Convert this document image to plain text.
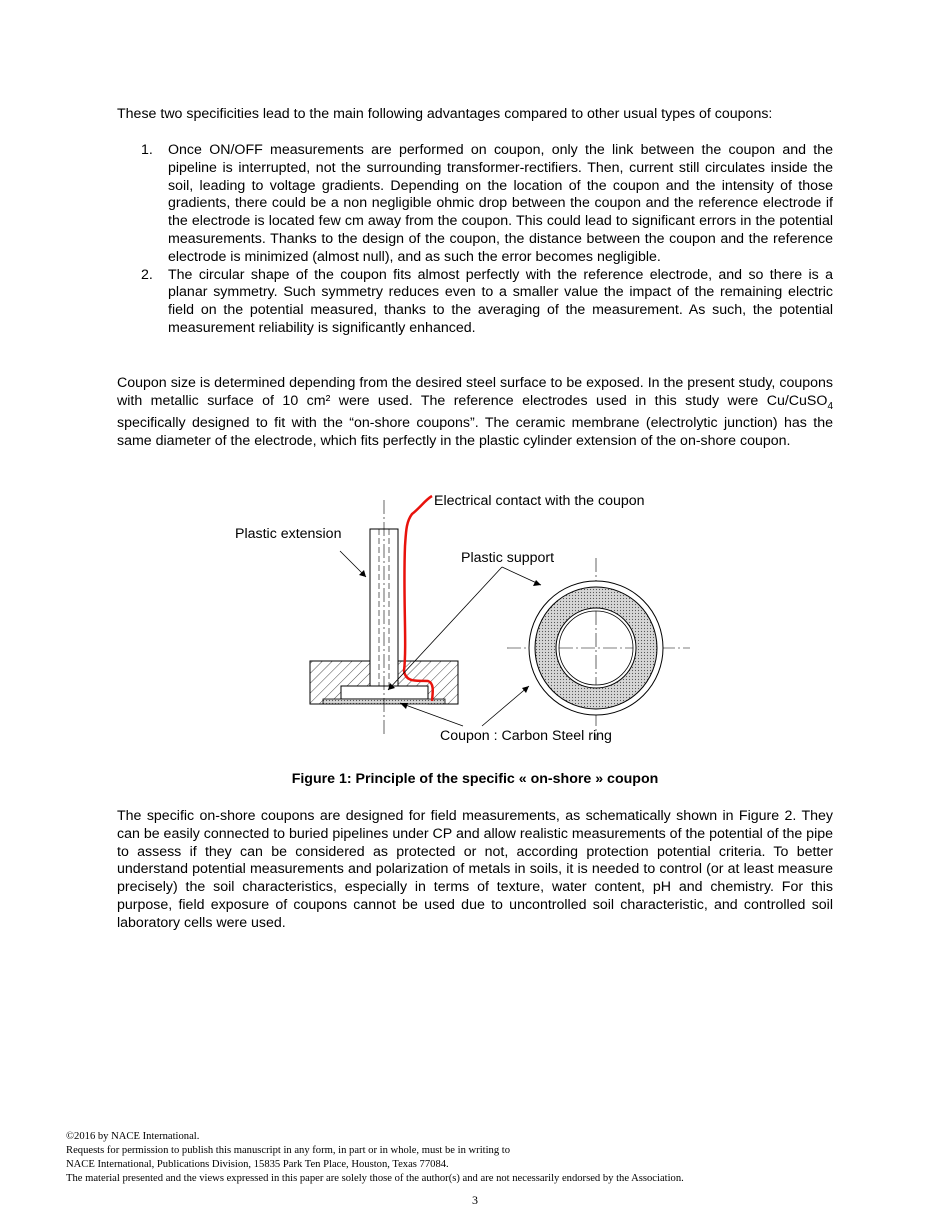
These two specificities lead to the main following advantages compared to other usual types of coupons:
1. Once ON/OFF measurements are performed on coupon, only the link between the coupon and the pipeline is interrupted, not the surrounding transformer-rectifiers. Then, current still circulates inside the soil, leading to voltage gradients. Depending on the location of the coupon and the intensity of those gradients, there could be a non negligible ohmic drop between the coupon and the reference electrode if the electrode is located few cm away from the coupon. This could lead to significant errors in the potential measurements. Thanks to the design of the coupon, the distance between the coupon and the reference electrode is minimized (almost null), and as such the error becomes negligible.
2. The circular shape of the coupon fits almost perfectly with the reference electrode, and so there is a planar symmetry. Such symmetry reduces even to a smaller value the impact of the remaining electric field on the potential measured, thanks to the averaging of the measurement. As such, the potential measurement reliability is significantly enhanced.
Coupon size is determined depending from the desired steel surface to be exposed. In the present study, coupons with metallic surface of 10 cm² were used. The reference electrodes used in this study were Cu/CuSO$_4$ specifically designed to fit with the “on-shore coupons”. The ceramic membrane (electrolytic junction) has the same diameter of the electrode, which fits perfectly in the plastic cylinder extension of the on-shore coupon.
Electrical contact with the coupon
Plastic extension
Plastic support
Coupon : Carbon Steel ring
Figure 1: Principle of the specific « on-shore » coupon
The specific on-shore coupons are designed for field measurements, as schematically shown in Figure 2. They can be easily connected to buried pipelines under CP and allow realistic measurements of the potential of the pipe to assess if they can be considered as protected or not, according protection potential criteria. To better understand potential measurements and polarization of metals in soils, it is needed to control (or at least measure precisely) the soil characteristics, especially in terms of texture, water content, pH and chemistry. For this purpose, field exposure of coupons cannot be used due to uncontrolled soil characteristic, and controlled soil laboratory cells were used.
©2016 by NACE International.
Requests for permission to publish this manuscript in any form, in part or in whole, must be in writing to
NACE International, Publications Division, 15835 Park Ten Place, Houston, Texas 77084.
The material presented and the views expressed in this paper are solely those of the author(s) and are not necessarily endorsed by the Association.
3
